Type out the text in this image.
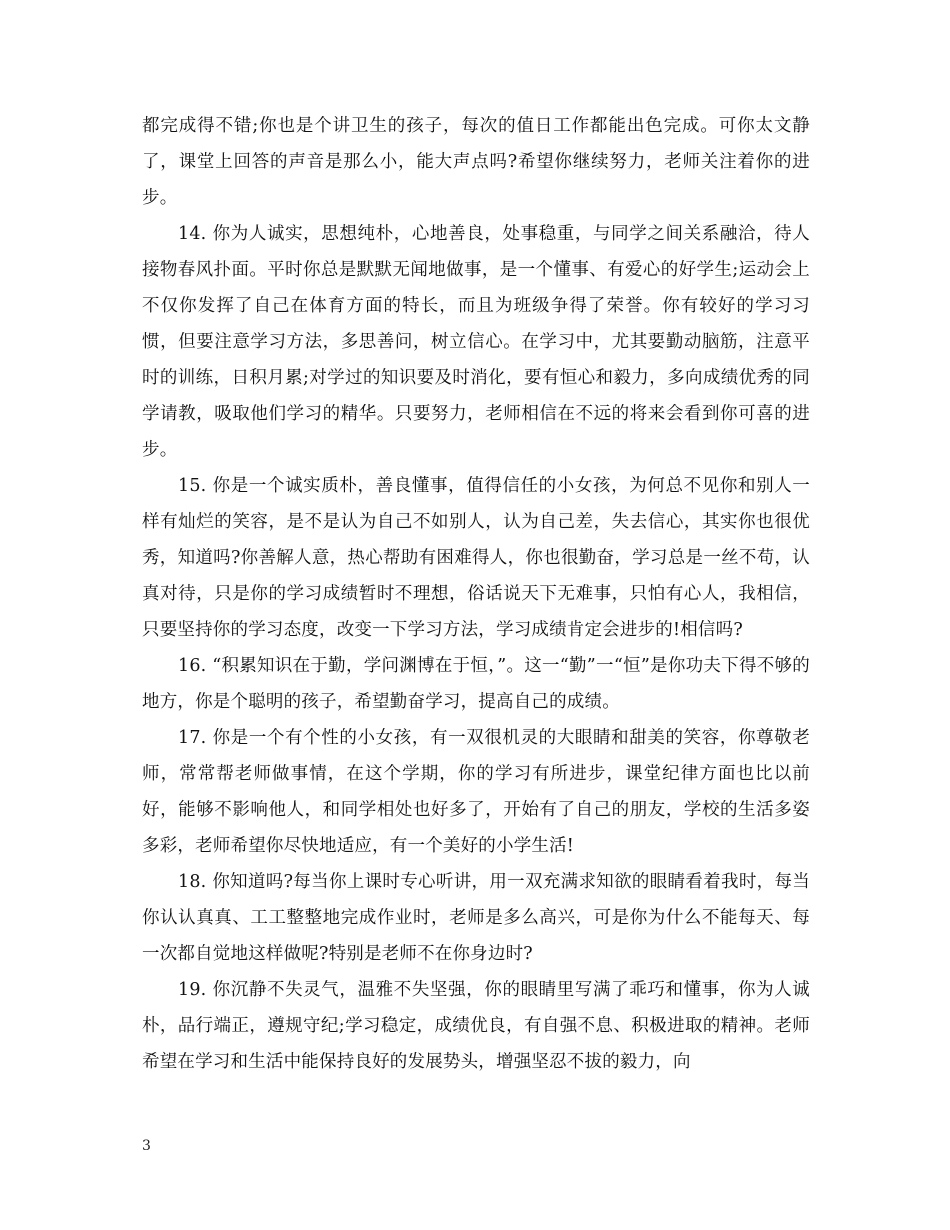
都完成得不错;你也是个讲卫生的孩子，每次的值日工作都能出色完成。可你太文静了，课堂上回答的声音是那么小，能大声点吗?希望你继续努力，老师关注着你的进步。

14. 你为人诚实，思想纯朴，心地善良，处事稳重，与同学之间关系融洽，待人接物春风扑面。平时你总是默默无闻地做事，是一个懂事、有爱心的好学生;运动会上不仅你发挥了自己在体育方面的特长，而且为班级争得了荣誉。你有较好的学习习惯，但要注意学习方法，多思善问，树立信心。在学习中，尤其要勤动脑筋，注意平时的训练，日积月累;对学过的知识要及时消化，要有恒心和毅力，多向成绩优秀的同学请教，吸取他们学习的精华。只要努力，老师相信在不远的将来会看到你可喜的进步。

15. 你是一个诚实质朴，善良懂事，值得信任的小女孩，为何总不见你和别人一样有灿烂的笑容，是不是认为自己不如别人，认为自己差，失去信心，其实你也很优秀，知道吗?你善解人意，热心帮助有困难得人，你也很勤奋，学习总是一丝不苟，认真对待，只是你的学习成绩暂时不理想，俗话说天下无难事，只怕有心人，我相信，只要坚持你的学习态度，改变一下学习方法，学习成绩肯定会进步的!相信吗?

16. “积累知识在于勤，学问渊博在于恒，”。这一“勤”一“恒”是你功夫下得不够的地方，你是个聪明的孩子，希望勤奋学习，提高自己的成绩。

17. 你是一个有个性的小女孩，有一双很机灵的大眼睛和甜美的笑容，你尊敬老师，常常帮老师做事情，在这个学期，你的学习有所进步，课堂纪律方面也比以前好，能够不影响他人，和同学相处也好多了，开始有了自己的朋友，学校的生活多姿多彩，老师希望你尽快地适应，有一个美好的小学生活!

18. 你知道吗?每当你上课时专心听讲，用一双充满求知欲的眼睛看着我时，每当你认认真真、工工整整地完成作业时，老师是多么高兴，可是你为什么不能每天、每一次都自觉地这样做呢?特别是老师不在你身边时?

19. 你沉静不失灵气，温雅不失坚强，你的眼睛里写满了乖巧和懂事，你为人诚朴，品行端正，遵规守纪;学习稳定，成绩优良，有自强不息、积极进取的精神。老师希望在学习和生活中能保持良好的发展势头，增强坚忍不拔的毅力，向

3
